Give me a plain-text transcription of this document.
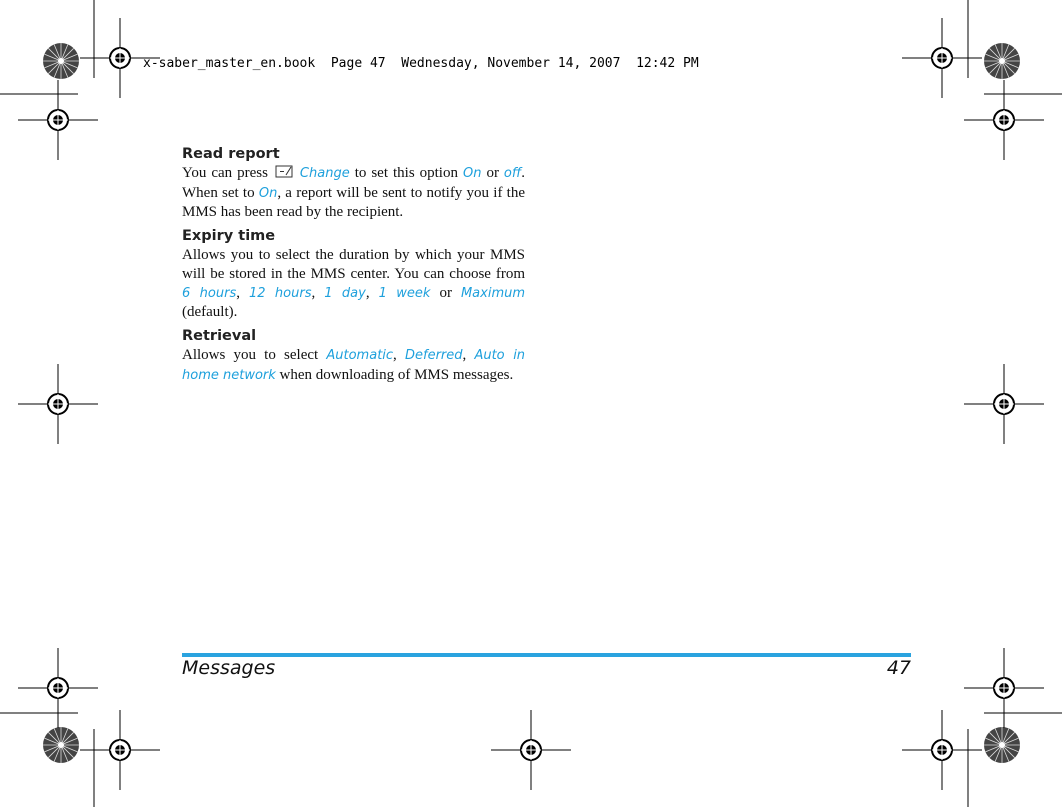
x-saber_master_en.book  Page 47  Wednesday, November 14, 2007  12:42 PM
Read report

You can press Change to set this option On or off. When set to On, a report will be sent to notify you if the MMS has been read by the recipient.

Expiry time

Allows you to select the duration by which your MMS will be stored in the MMS center. You can choose from 6 hours, 12 hours, 1 day, 1 week or Maximum (default).

Retrieval

Allows you to select Automatic, Deferred, Auto in home network when downloading of MMS messages.

Messages	47
